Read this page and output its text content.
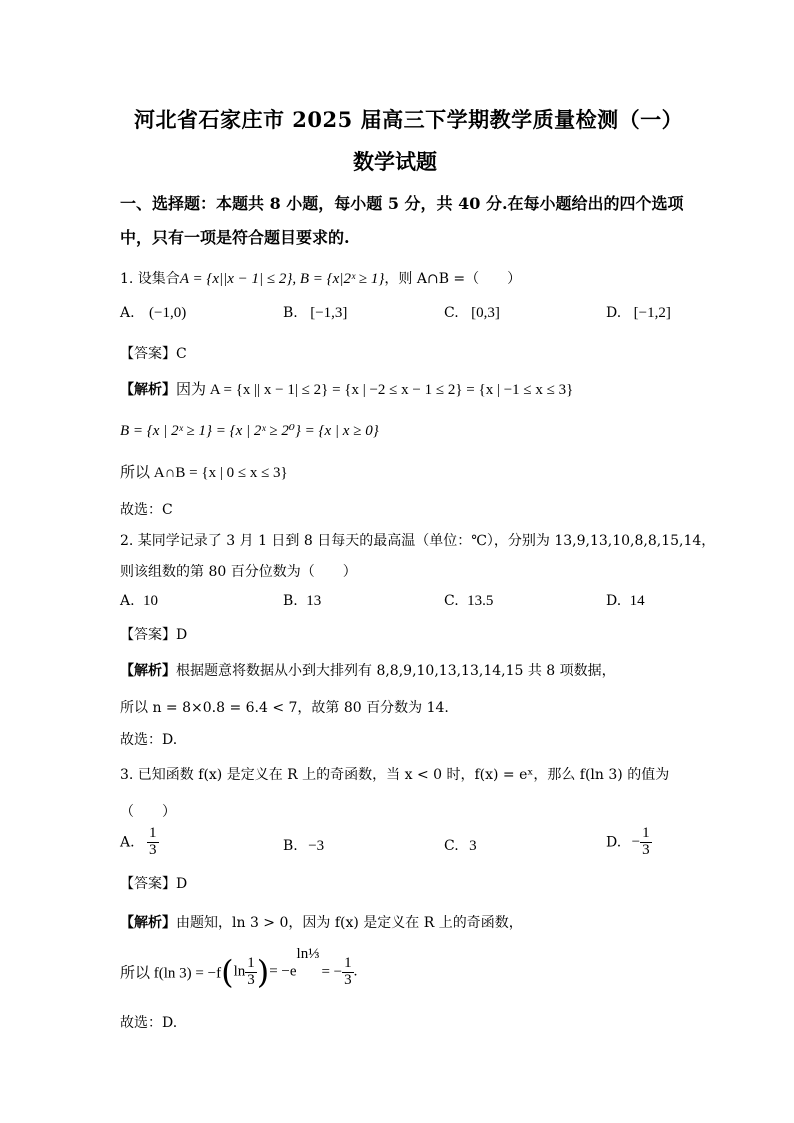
河北省石家庄市 2025 届高三下学期教学质量检测（一）
数学试题
一、选择题：本题共 8 小题，每小题 5 分，共 40 分.在每小题给出的四个选项
中，只有一项是符合题目要求的.
1. 设集合A = {x||x − 1| ≤ 2}, B = {x|2ˣ ≥ 1}，则 A∩B =（　　）
A. (−1,0)	B. [−1,3]	C. [0,3]	D. [−1,2]
【答案】C
【解析】因为 A = {x || x − 1| ≤ 2} = {x | −2 ≤ x − 1 ≤ 2} = {x | −1 ≤ x ≤ 3}
B = {x | 2ˣ ≥ 1} = {x | 2ˣ ≥ 2⁰} = {x | x ≥ 0}
所以 A∩B = {x | 0 ≤ x ≤ 3}
故选：C
2. 某同学记录了 3 月 1 日到 8 日每天的最高温（单位：℃），分别为 13,9,13,10,8,8,15,14，
则该组数的第 80 百分位数为（　　）
A. 10	B. 13	C. 13.5	D. 14
【答案】D
【解析】根据题意将数据从小到大排列有 8,8,9,10,13,13,14,15 共 8 项数据，
所以 n = 8×0.8 = 6.4 < 7，故第 80 百分数为 14.
故选：D.
3. 已知函数 f(x) 是定义在 R 上的奇函数，当 x < 0 时，f(x) = eˣ，那么 f(ln 3) 的值为
（　　）
A. $\frac{1}{3}$	B. −3	C. 3	D. − $\frac{1}{3}$
【答案】D
【解析】由题知，ln 3 > 0，因为 f(x) 是定义在 R 上的奇函数，
所以 f(ln $3) = -f(\ln \frac{1}{3}$ )= $-e^{ln\frac{1}{3}}= - \frac{1}{3}$ .
故选：D.
